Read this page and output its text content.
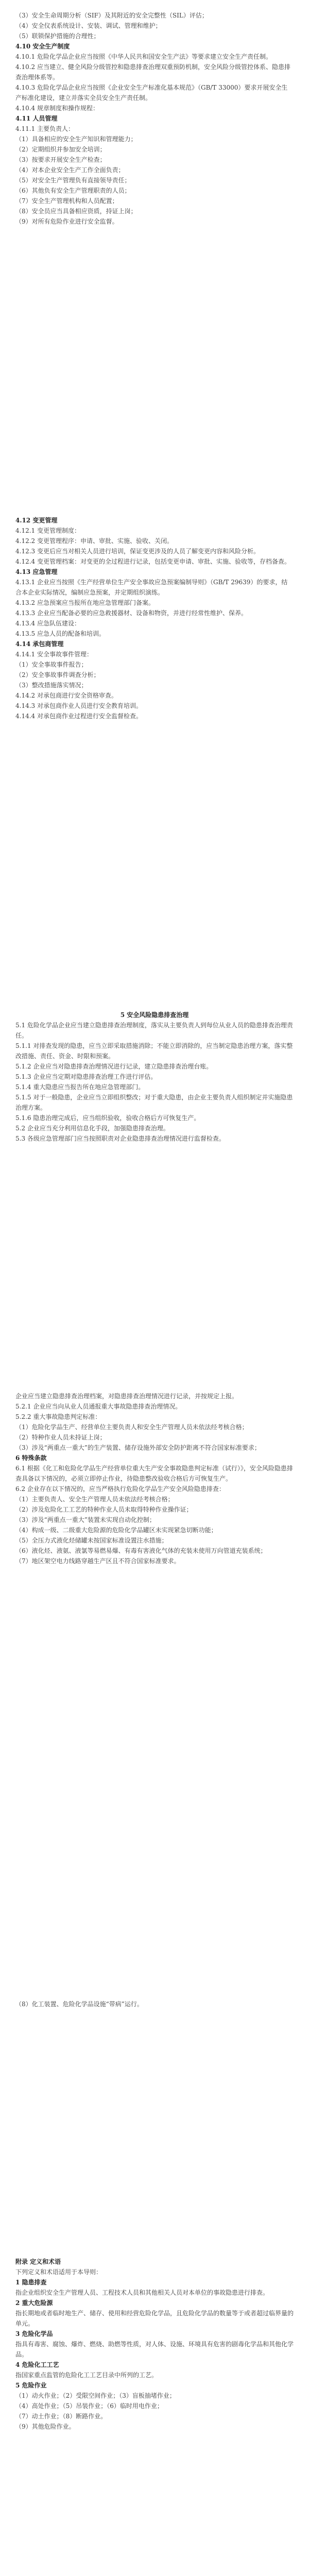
（3）安全生命周期分析（SIF）及其附近的安全完整性（SIL）评估；

（4）安全仪表系统设计、安装、调试、管理和维护；

（5）联锁保护措施的合理性；

4.10 安全生产制度

4.10.1 危险化学品企业应当按照《中华人民共和国安全生产法》等要求建立安全生产责任制。

4.10.2 应当建立、健全风险分级管控和隐患排查治理双重预防机制，安全风险分级管控体系、隐患排查治理体系等。

4.10.3 危险化学品企业应当按照《企业安全生产标准化基本规范》（GB/T 33000）要求开展安全生产标准化建设，建立并落实全员安全生产责任制。

4.10.4 规章制度和操作规程：

4.11 人员管理

4.11.1 主要负责人：

（1）具备相应的安全生产知识和管理能力；

（2）定期组织并参加安全培训；

（3）按要求开展安全生产检查；

（4）对本企业安全生产工作全面负责；

（5）对安全生产管理负有直接领导责任；

（6）其他负有安全生产管理职责的人员；

（7）安全生产管理机构和人员配置；

（8）安全员应当具备相应资质，持证上岗；

（9）对所有危险作业进行安全监督。

4.12 变更管理

4.12.1 变更管理制度：

4.12.2 变更管理程序：申请、审批、实施、验收、关闭。

4.12.3 变更后应当对相关人员进行培训，保证变更涉及的人员了解变更内容和风险分析。

4.12.4 变更管理档案：对变更的全过程进行记录，包括变更申请、审批、实施、验收等，存档备查。

4.13 应急管理

4.13.1 企业应当按照《生产经营单位生产安全事故应急预案编制导则》（GB/T 29639）的要求，结合本企业实际情况，编制应急预案，并定期组织演练。

4.13.2 应急预案应当报所在地应急管理部门备案。

4.13.3 企业应当配备必要的应急救援器材、设备和物资，并进行经常性维护、保养。

4.13.4 应急队伍建设：

4.13.5 应急人员的配备和培训。

4.14 承包商管理

4.14.1 安全事故事件管理：

（1）安全事故事件报告；

（2）安全事故事件调查分析；

（3）整改措施落实情况；

4.14.2 对承包商进行安全资格审查。

4.14.3 对承包商作业人员进行安全教育培训。

4.14.4 对承包商作业过程进行安全监督检查。

5 安全风险隐患排查治理

5.1 危险化学品企业应当建立隐患排查治理制度，落实从主要负责人到每位从业人员的隐患排查治理责任。

5.1.1 对排查发现的隐患，应当立即采取措施消除；不能立即消除的，应当制定隐患治理方案，落实整改措施、责任、资金、时限和预案。

5.1.2 企业应当对隐患排查治理情况进行记录，建立隐患排查治理台账。

5.1.3 企业应当定期对隐患排查治理工作进行评估。

5.1.4 重大隐患应当报告所在地应急管理部门。

5.1.5 对于一般隐患，企业应当立即组织整改；对于重大隐患，由企业主要负责人组织制定并实施隐患治理方案。

5.1.6 隐患治理完成后，应当组织验收，验收合格后方可恢复生产。

5.2 企业应当充分利用信息化手段，加强隐患排查治理。

5.3 各级应急管理部门应当按照职责对企业隐患排查治理情况进行监督检查。

企业应当建立隐患排查治理档案，对隐患排查治理情况进行记录，并按规定上报。

5.2.1 企业应当向从业人员通报重大事故隐患排查治理情况。

5.2.2 重大事故隐患判定标准：

（1）危险化学品生产、经营单位主要负责人和安全生产管理人员未依法经考核合格；

（2）特种作业人员未持证上岗；

（3）涉及“两重点一重大”的生产装置、储存设施外部安全防护距离不符合国家标准要求；

6 特殊条款

6.1 根据《化工和危险化学品生产经营单位重大生产安全事故隐患判定标准（试行）》，安全风险隐患排查具备以下情况的，必须立即停止作业，待隐患整改验收合格后方可恢复生产。

6.2 企业存在以下情况的，应当严格执行危险化学品生产安全风险隐患排查：

（1）主要负责人、安全生产管理人员未依法经考核合格；

（2）涉及危险化工工艺的特种作业人员未取得特种作业操作证；

（3）涉及“两重点一重大”装置未实现自动化控制；

（4）构成一级、二级重大危险源的危险化学品罐区未实现紧急切断功能；

（5）全压力式液化烃储罐未按国家标准设置注水措施；

（6）液化烃、液氨、液氯等易燃易爆、有毒有害液化气体的充装未使用万向管道充装系统；

（7）地区架空电力线路穿越生产区且不符合国家标准要求。

（8）化工装置、危险化学品设施“带病”运行。

附录 定义和术语

下列定义和术语适用于本导则：

1 隐患排查

指企业组织安全生产管理人员、工程技术人员和其他相关人员对本单位的事故隐患进行排查。

2 重大危险源

指长期地或者临时地生产、储存、使用和经营危险化学品，且危险化学品的数量等于或者超过临界量的单元。

3 危险化学品

指具有毒害、腐蚀、爆炸、燃烧、助燃等性质，对人体、设施、环境具有危害的剧毒化学品和其他化学品。

4 危险化工工艺

指国家重点监管的危险化工工艺目录中所列的工艺。

5 危险作业

（1）动火作业；（2）受限空间作业；（3）盲板抽堵作业；

（4）高处作业；（5）吊装作业；（6）临时用电作业；

（7）动土作业；（8）断路作业。

（9）其他危险作业。
